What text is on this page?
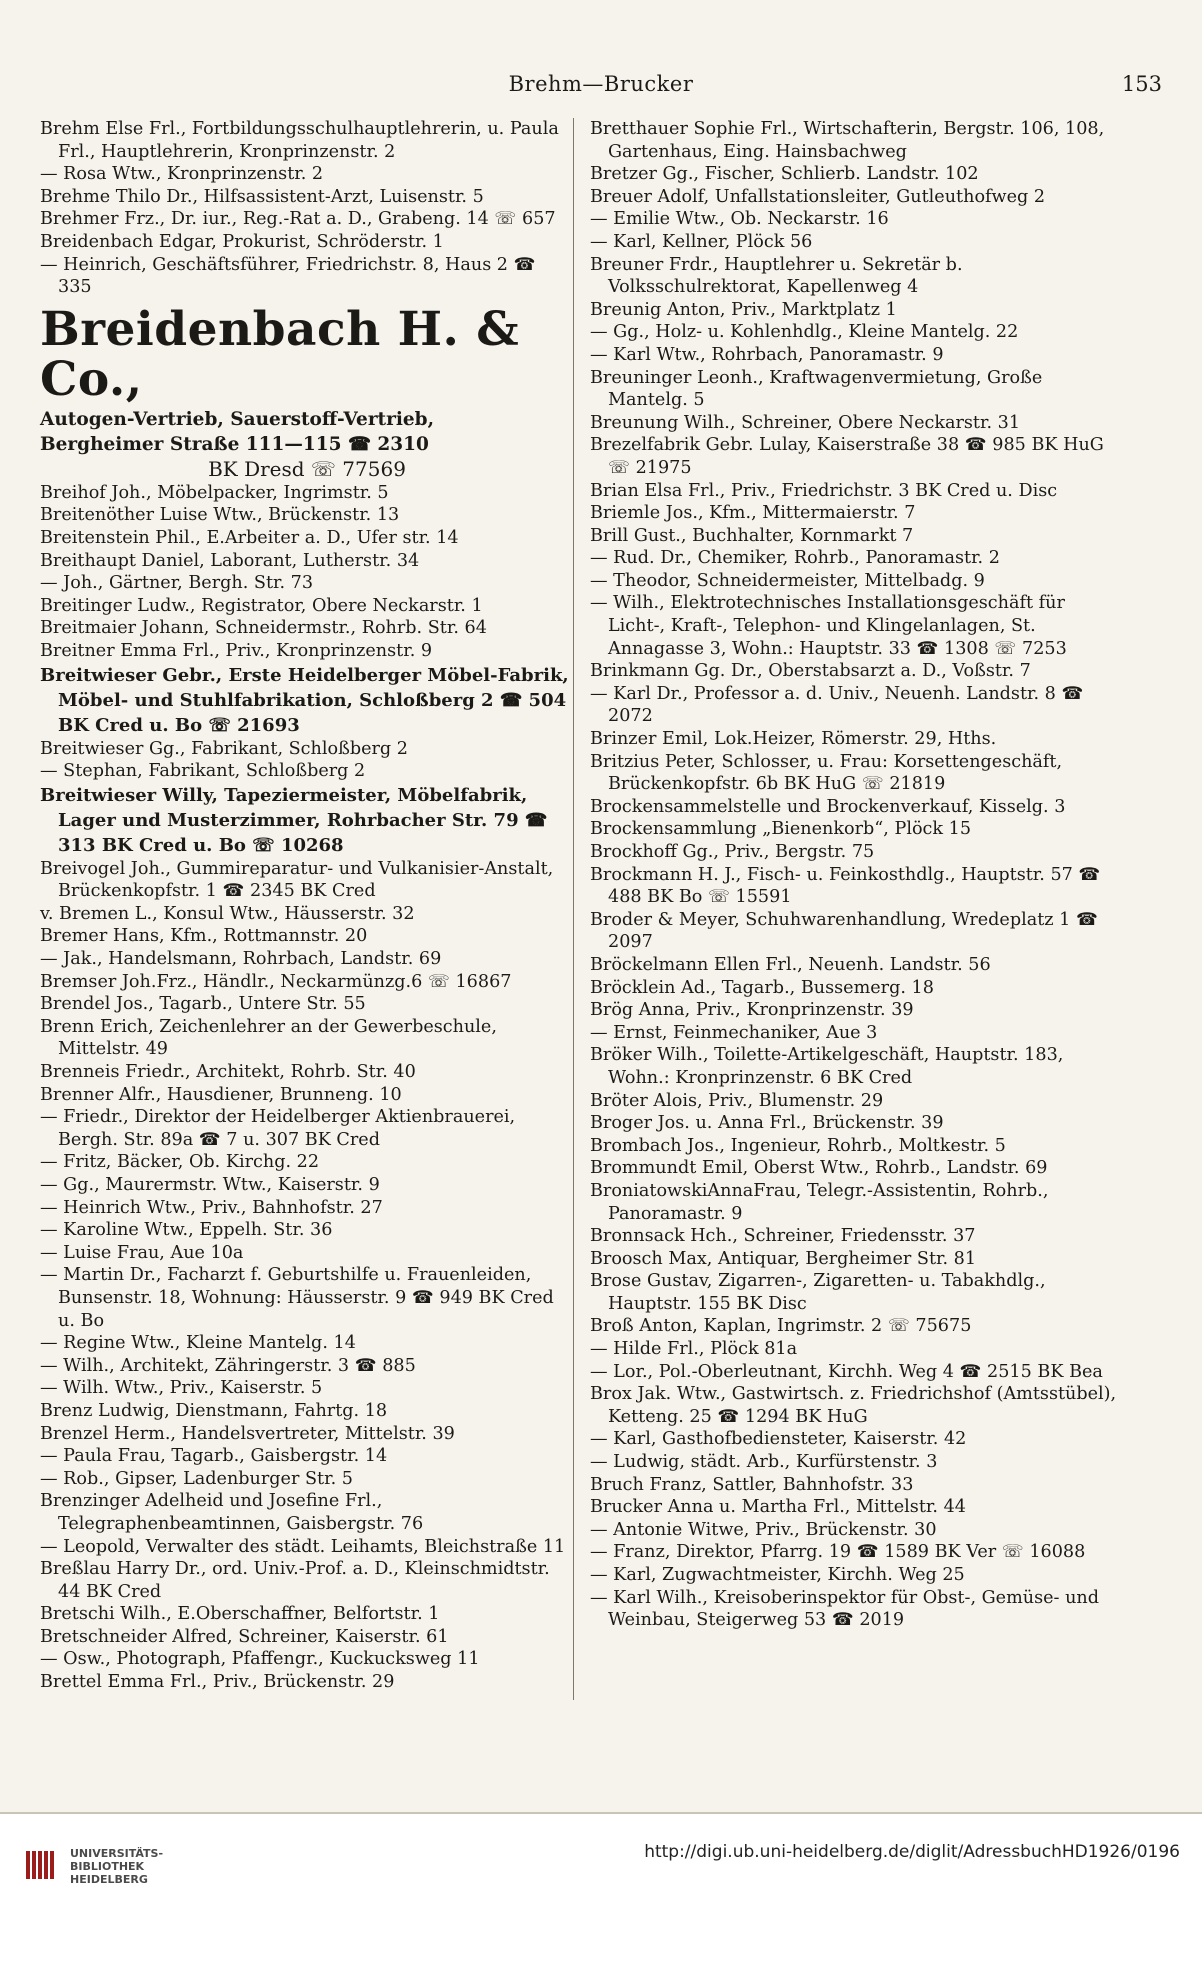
Brehm—Brucker	153

Brehm Else Frl., Fortbildungsschulhauptlehrerin, u. Paula Frl., Hauptlehrerin, Kronprinzenstr. 2

— Rosa Wtw., Kronprinzenstr. 2

Brehme Thilo Dr., Hilfsassistent-Arzt, Luisenstr. 5

Brehmer Frz., Dr. iur., Reg.-Rat a. D., Grabeng. 14 ☏ 657

Breidenbach Edgar, Prokurist, Schröderstr. 1

— Heinrich, Geschäftsführer, Friedrichstr. 8, Haus 2 ☎ 335

Breidenbach H. & Co.,

Autogen-Vertrieb, Sauerstoff-Vertrieb,

Bergheimer Straße 111—115 ☎ 2310

BK Dresd ☏ 77569

Breihof Joh., Möbelpacker, Ingrimstr. 5

Breitenöther Luise Wtw., Brückenstr. 13

Breitenstein Phil., E.Arbeiter a. D., Ufer str. 14

Breithaupt Daniel, Laborant, Lutherstr. 34

— Joh., Gärtner, Bergh. Str. 73

Breitinger Ludw., Registrator, Obere Neckarstr. 1

Breitmaier Johann, Schneidermstr., Rohrb. Str. 64

Breitner Emma Frl., Priv., Kronprinzenstr. 9

Breitwieser Gebr., Erste Heidelberger Möbel-Fabrik, Möbel- und Stuhlfabrikation, Schloßberg 2 ☎ 504 BK Cred u. Bo ☏ 21693

Breitwieser Gg., Fabrikant, Schloßberg 2

— Stephan, Fabrikant, Schloßberg 2

Breitwieser Willy, Tapeziermeister, Möbelfabrik, Lager und Musterzimmer, Rohrbacher Str. 79 ☎ 313 BK Cred u. Bo ☏ 10268

Breivogel Joh., Gummireparatur- und Vulkanisier-Anstalt, Brückenkopfstr. 1 ☎ 2345 BK Cred

v. Bremen L., Konsul Wtw., Häusserstr. 32

Bremer Hans, Kfm., Rottmannstr. 20

— Jak., Handelsmann, Rohrbach, Landstr. 69

Bremser Joh.Frz., Händlr., Neckarmünzg.6 ☏ 16867

Brendel Jos., Tagarb., Untere Str. 55

Brenn Erich, Zeichenlehrer an der Gewerbeschule, Mittelstr. 49

Brenneis Friedr., Architekt, Rohrb. Str. 40

Brenner Alfr., Hausdiener, Brunneng. 10

— Friedr., Direktor der Heidelberger Aktienbrauerei, Bergh. Str. 89a ☎ 7 u. 307 BK Cred

— Fritz, Bäcker, Ob. Kirchg. 22

— Gg., Maurermstr. Wtw., Kaiserstr. 9

— Heinrich Wtw., Priv., Bahnhofstr. 27

— Karoline Wtw., Eppelh. Str. 36

— Luise Frau, Aue 10a

— Martin Dr., Facharzt f. Geburtshilfe u. Frauenleiden, Bunsenstr. 18, Wohnung: Häusserstr. 9 ☎ 949 BK Cred u. Bo

— Regine Wtw., Kleine Mantelg. 14

— Wilh., Architekt, Zähringerstr. 3 ☎ 885

— Wilh. Wtw., Priv., Kaiserstr. 5

Brenz Ludwig, Dienstmann, Fahrtg. 18

Brenzel Herm., Handelsvertreter, Mittelstr. 39

— Paula Frau, Tagarb., Gaisbergstr. 14

— Rob., Gipser, Ladenburger Str. 5

Brenzinger Adelheid und Josefine Frl., Telegraphenbeamtinnen, Gaisbergstr. 76

— Leopold, Verwalter des städt. Leihamts, Bleichstraße 11

Breßlau Harry Dr., ord. Univ.-Prof. a. D., Kleinschmidtstr. 44 BK Cred

Bretschi Wilh., E.Oberschaffner, Belfortstr. 1

Bretschneider Alfred, Schreiner, Kaiserstr. 61

— Osw., Photograph, Pfaffengr., Kuckucksweg 11

Brettel Emma Frl., Priv., Brückenstr. 29

Bretthauer Sophie Frl., Wirtschafterin, Bergstr. 106, 108, Gartenhaus, Eing. Hainsbachweg

Bretzer Gg., Fischer, Schlierb. Landstr. 102

Breuer Adolf, Unfallstationsleiter, Gutleuthofweg 2

— Emilie Wtw., Ob. Neckarstr. 16

— Karl, Kellner, Plöck 56

Breuner Frdr., Hauptlehrer u. Sekretär b. Volksschulrektorat, Kapellenweg 4

Breunig Anton, Priv., Marktplatz 1

— Gg., Holz- u. Kohlenhdlg., Kleine Mantelg. 22

— Karl Wtw., Rohrbach, Panoramastr. 9

Breuninger Leonh., Kraftwagenvermietung, Große Mantelg. 5

Breunung Wilh., Schreiner, Obere Neckarstr. 31

Brezelfabrik Gebr. Lulay, Kaiserstraße 38 ☎ 985 BK HuG ☏ 21975

Brian Elsa Frl., Priv., Friedrichstr. 3 BK Cred u. Disc

Briemle Jos., Kfm., Mittermaierstr. 7

Brill Gust., Buchhalter, Kornmarkt 7

— Rud. Dr., Chemiker, Rohrb., Panoramastr. 2

— Theodor, Schneidermeister, Mittelbadg. 9

— Wilh., Elektrotechnisches Installationsgeschäft für Licht-, Kraft-, Telephon- und Klingelanlagen, St. Annagasse 3, Wohn.: Hauptstr. 33 ☎ 1308 ☏ 7253

Brinkmann Gg. Dr., Oberstabsarzt a. D., Voßstr. 7

— Karl Dr., Professor a. d. Univ., Neuenh. Landstr. 8 ☎ 2072

Brinzer Emil, Lok.Heizer, Römerstr. 29, Hths.

Britzius Peter, Schlosser, u. Frau: Korsettengeschäft, Brückenkopfstr. 6b BK HuG ☏ 21819

Brockensammelstelle und Brockenverkauf, Kisselg. 3

Brockensammlung „Bienenkorb“, Plöck 15

Brockhoff Gg., Priv., Bergstr. 75

Brockmann H. J., Fisch- u. Feinkosthdlg., Hauptstr. 57 ☎ 488 BK Bo ☏ 15591

Broder & Meyer, Schuhwarenhandlung, Wredeplatz 1 ☎ 2097

Bröckelmann Ellen Frl., Neuenh. Landstr. 56

Bröcklein Ad., Tagarb., Bussemerg. 18

Brög Anna, Priv., Kronprinzenstr. 39

— Ernst, Feinmechaniker, Aue 3

Bröker Wilh., Toilette-Artikelgeschäft, Hauptstr. 183, Wohn.: Kronprinzenstr. 6 BK Cred

Bröter Alois, Priv., Blumenstr. 29

Broger Jos. u. Anna Frl., Brückenstr. 39

Brombach Jos., Ingenieur, Rohrb., Moltkestr. 5

Brommundt Emil, Oberst Wtw., Rohrb., Landstr. 69

BroniatowskiAnnaFrau, Telegr.-Assistentin, Rohrb., Panoramastr. 9

Bronnsack Hch., Schreiner, Friedensstr. 37

Broosch Max, Antiquar, Bergheimer Str. 81

Brose Gustav, Zigarren-, Zigaretten- u. Tabakhdlg., Hauptstr. 155 BK Disc

Broß Anton, Kaplan, Ingrimstr. 2 ☏ 75675

— Hilde Frl., Plöck 81a

— Lor., Pol.-Oberleutnant, Kirchh. Weg 4 ☎ 2515 BK Bea

Brox Jak. Wtw., Gastwirtsch. z. Friedrichshof (Amtsstübel), Ketteng. 25 ☎ 1294 BK HuG

— Karl, Gasthofbediensteter, Kaiserstr. 42

— Ludwig, städt. Arb., Kurfürstenstr. 3

Bruch Franz, Sattler, Bahnhofstr. 33

Brucker Anna u. Martha Frl., Mittelstr. 44

— Antonie Witwe, Priv., Brückenstr. 30

— Franz, Direktor, Pfarrg. 19 ☎ 1589 BK Ver ☏ 16088

— Karl, Zugwachtmeister, Kirchh. Weg 25

— Karl Wilh., Kreisoberinspektor für Obst-, Gemüse- und Weinbau, Steigerweg 53 ☎ 2019

UNIVERSITÄTS-
BIBLIOTHEK
HEIDELBERG
http://digi.ub.uni-heidelberg.de/diglit/AdressbuchHD1926/0196
